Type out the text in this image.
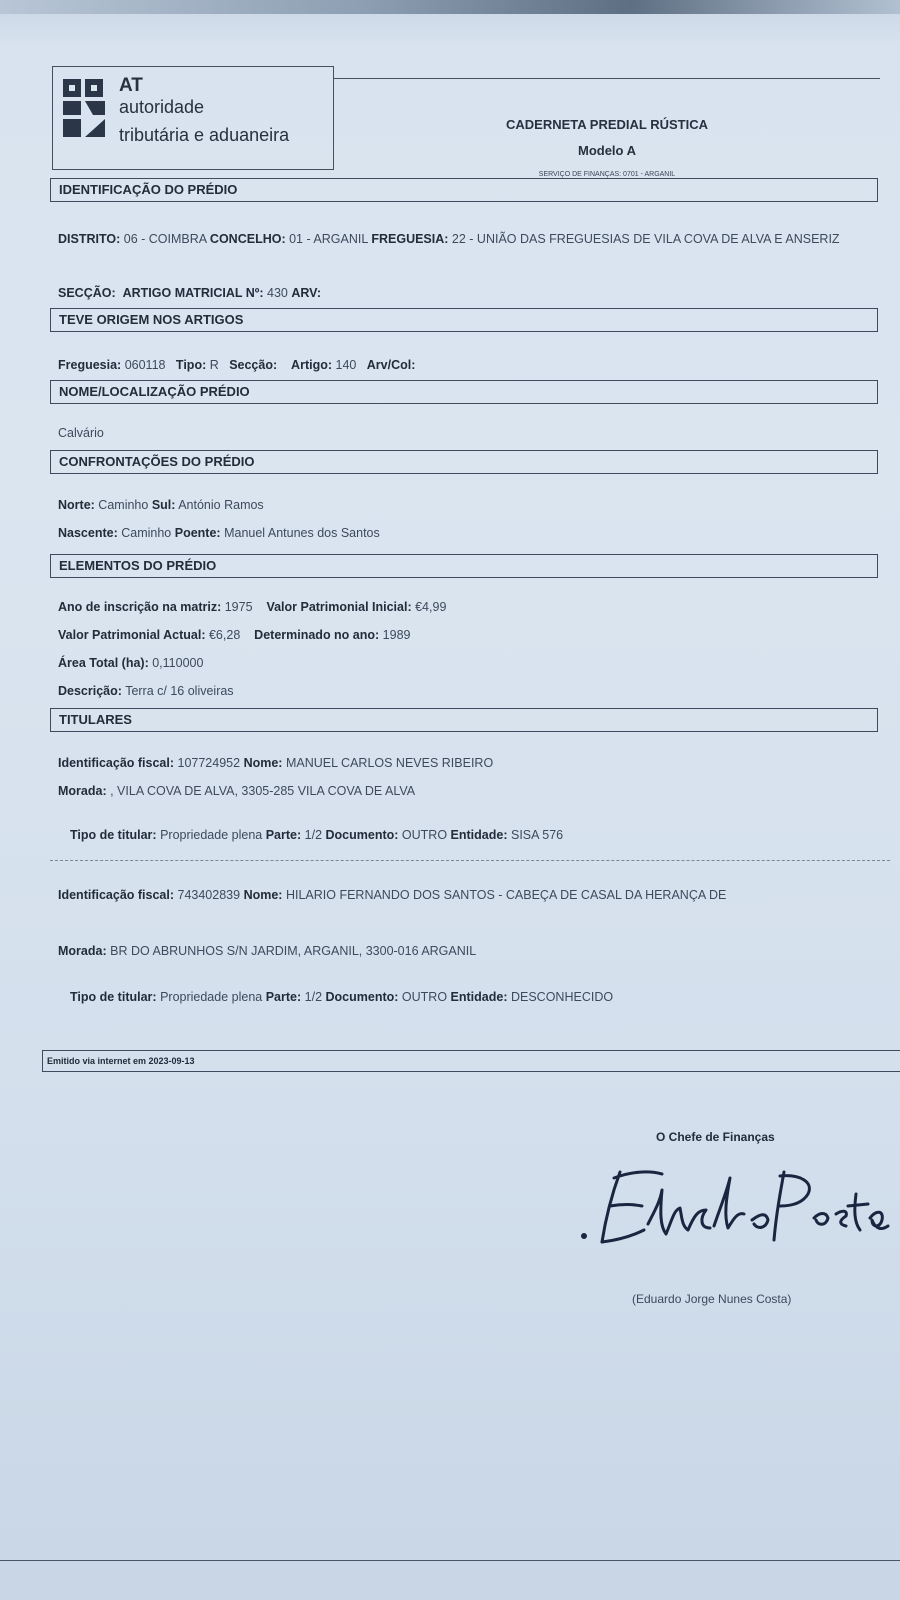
AT
autoridade
tributária e aduaneira
CADERNETA PREDIAL RÚSTICA
Modelo A
SERVIÇO DE FINANÇAS: 0701 - ARGANIL
IDENTIFICAÇÃO DO PRÉDIO
DISTRITO: 06 - COIMBRA CONCELHO: 01 - ARGANIL FREGUESIA: 22 - UNIÃO DAS FREGUESIAS DE VILA COVA DE ALVA E ANSERIZ
SECÇÃO: ARTIGO MATRICIAL Nº: 430 ARV:
TEVE ORIGEM NOS ARTIGOS
Freguesia: 060118 Tipo: R Secção: Artigo: 140 Arv/Col:
NOME/LOCALIZAÇÃO PRÉDIO
Calvário
CONFRONTAÇÕES DO PRÉDIO
Norte: Caminho Sul: António Ramos
Nascente: Caminho Poente: Manuel Antunes dos Santos
ELEMENTOS DO PRÉDIO
Ano de inscrição na matriz: 1975 Valor Patrimonial Inicial: €4,99
Valor Patrimonial Actual: €6,28 Determinado no ano: 1989
Área Total (ha): 0,110000
Descrição: Terra c/ 16 oliveiras
TITULARES
Identificação fiscal: 107724952 Nome: MANUEL CARLOS NEVES RIBEIRO
Morada: , VILA COVA DE ALVA, 3305-285 VILA COVA DE ALVA
Tipo de titular: Propriedade plena Parte: 1/2 Documento: OUTRO Entidade: SISA 576
Identificação fiscal: 743402839 Nome: HILARIO FERNANDO DOS SANTOS - CABEÇA DE CASAL DA HERANÇA DE
Morada: BR DO ABRUNHOS S/N JARDIM, ARGANIL, 3300-016 ARGANIL
Tipo de titular: Propriedade plena Parte: 1/2 Documento: OUTRO Entidade: DESCONHECIDO
Emitido via internet em 2023-09-13
O Chefe de Finanças
(Eduardo Jorge Nunes Costa)
